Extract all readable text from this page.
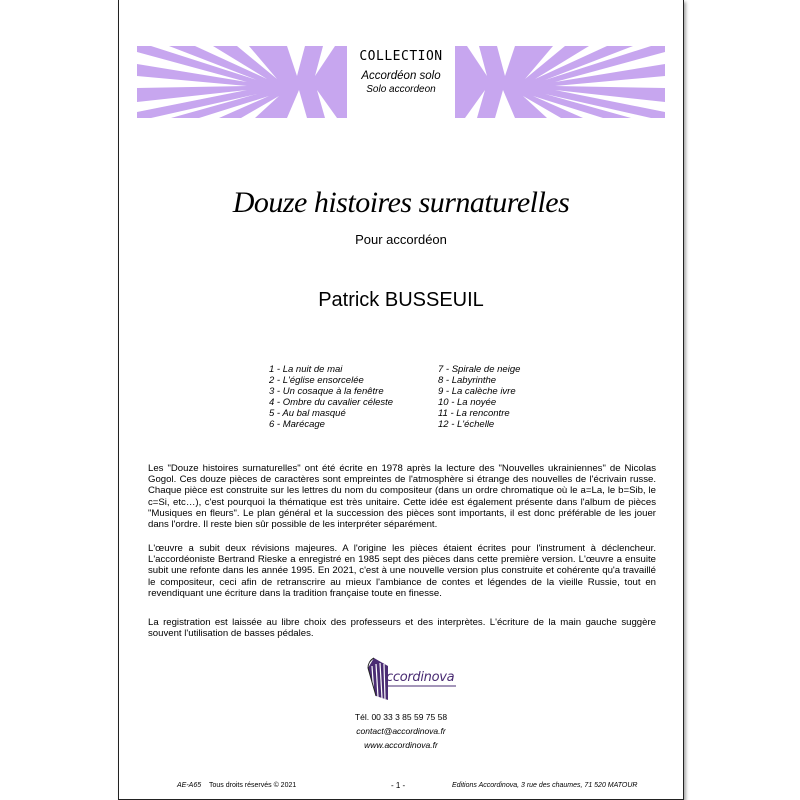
COLLECTION
Accordéon solo
Solo accordeon
Douze histoires surnaturelles
Pour accordéon
Patrick BUSSEUIL
1 - La nuit de mai
2 - L'église ensorcelée
3 - Un cosaque à la fenêtre
4 - Ombre du cavalier céleste
5 - Au bal masqué
6 - Marécage
7 - Spirale de neige
8 - Labyrinthe
9 - La calèche ivre
10 - La noyée
11 - La rencontre
12 - L'échelle
Les "Douze histoires surnaturelles" ont été écrite en 1978 après la lecture des "Nouvelles ukrainiennes" de Nicolas Gogol. Ces douze pièces de caractères sont empreintes de l'atmosphère si étrange des nouvelles de l'écrivain russe. Chaque pièce est construite sur les lettres du nom du compositeur (dans un ordre chromatique où le a=La, le b=Sib, le c=Si, etc…), c'est pourquoi la thématique est très unitaire. Cette idée est également présente dans l'album de pièces "Musiques en fleurs". Le plan général et la succession des pièces sont importants, il est donc préférable de les jouer dans l'ordre. Il reste bien sûr possible de les interpréter séparément.
L'œuvre a subit deux révisions majeures. A l'origine les pièces étaient écrites pour l'instrument à déclencheur. L'accordéoniste Bertrand Rieske a enregistré en 1985 sept des pièces dans cette première version. L'œuvre a ensuite subit une refonte dans les année 1995. En 2021, c'est à une nouvelle version plus construite et cohérente qu'a travaillé le compositeur, ceci afin de retranscrire au mieux l'ambiance de contes et légendes de la vieille Russie, tout en revendiquant une écriture dans la tradition française toute en finesse.
La registration est laissée au libre choix des professeurs et des interprètes. L'écriture de la main gauche suggère souvent l'utilisation de basses pédales.
ccordinova
Tél. 00 33 3 85 59 75 58
contact@accordinova.fr
www.accordinova.fr
AE-A65 Tous droits réservés © 2021	- 1 -	Editions Accordinova, 3 rue des chaumes, 71 520 MATOUR
